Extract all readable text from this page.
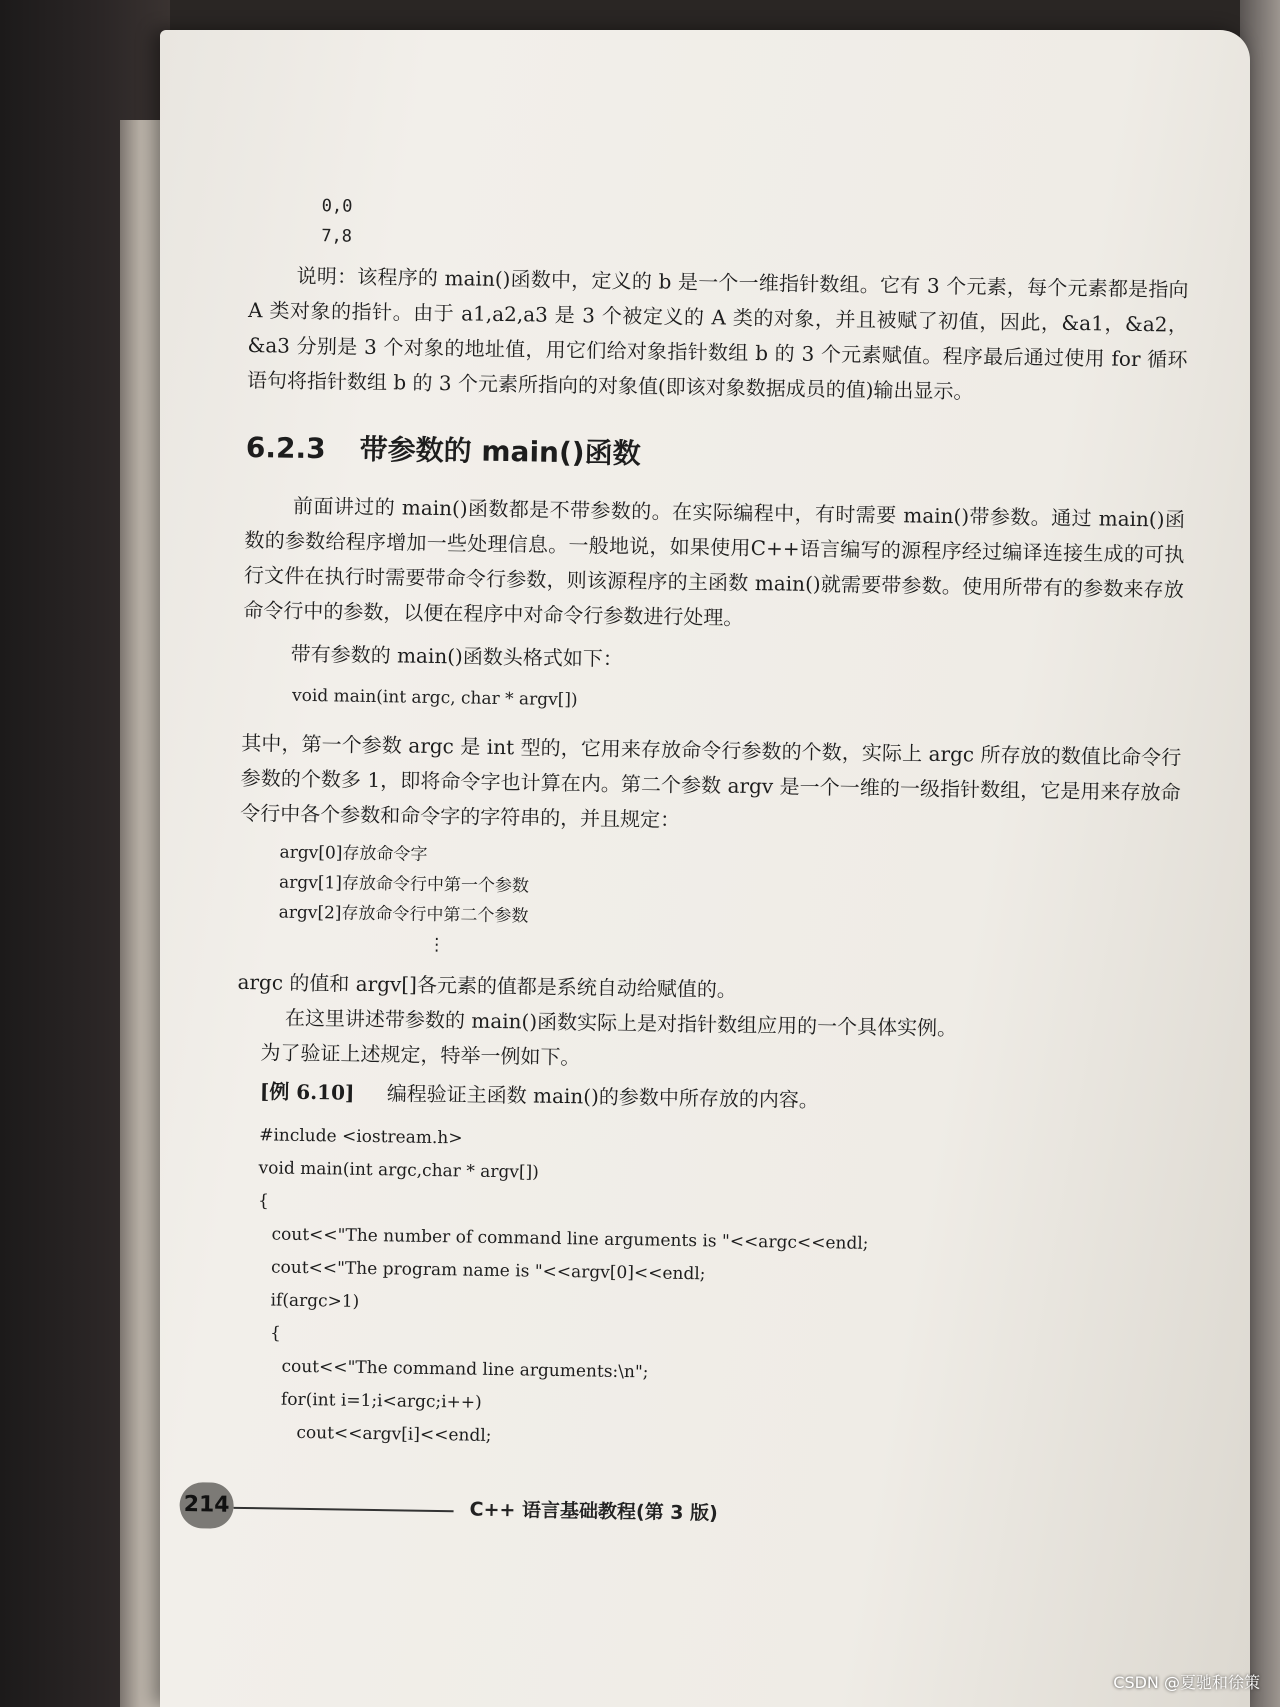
0,0
7,8

说明：该程序的 main()函数中，定义的 b 是一个一维指针数组。它有 3 个元素，每个元素都是指向 A 类对象的指针。由于 a1,a2,a3 是 3 个被定义的 A 类的对象，并且被赋了初值，因此，&a1，&a2，&a3 分别是 3 个对象的地址值，用它们给对象指针数组 b 的 3 个元素赋值。程序最后通过使用 for 循环语句将指针数组 b 的 3 个元素所指向的对象值(即该对象数据成员的值)输出显示。

6.2.3 带参数的 main()函数

前面讲过的 main()函数都是不带参数的。在实际编程中，有时需要 main()带参数。通过 main()函数的参数给程序增加一些处理信息。一般地说，如果使用C++语言编写的源程序经过编译连接生成的可执行文件在执行时需要带命令行参数，则该源程序的主函数 main()就需要带参数。使用所带有的参数来存放命令行中的参数，以便在程序中对命令行参数进行处理。

带有参数的 main()函数头格式如下：

void main(int argc, char * argv[])

其中，第一个参数 argc 是 int 型的，它用来存放命令行参数的个数，实际上 argc 所存放的数值比命令行参数的个数多 1，即将命令字也计算在内。第二个参数 argv 是一个一维的一级指针数组，它是用来存放命令行中各个参数和命令字的字符串的，并且规定：

argv[0]存放命令字
argv[1]存放命令行中第一个参数
argv[2]存放命令行中第二个参数
⋮

argc 的值和 argv[]各元素的值都是系统自动给赋值的。

在这里讲述带参数的 main()函数实际上是对指针数组应用的一个具体实例。

为了验证上述规定，特举一例如下。

[例 6.10] 编程验证主函数 main()的参数中所存放的内容。
#include <iostream.h>
void main(int argc,char * argv[])
{
cout<<"The number of command line arguments is "<<argc<<endl;
cout<<"The program name is "<<argv[0]<<endl;
if(argc>1)
{
cout<<"The command line arguments:\n";
for(int i=1;i<argc;i++)
cout<<argv[i]<<endl;
214	C++ 语言基础教程(第 3 版)
CSDN @夏驰和徐策
